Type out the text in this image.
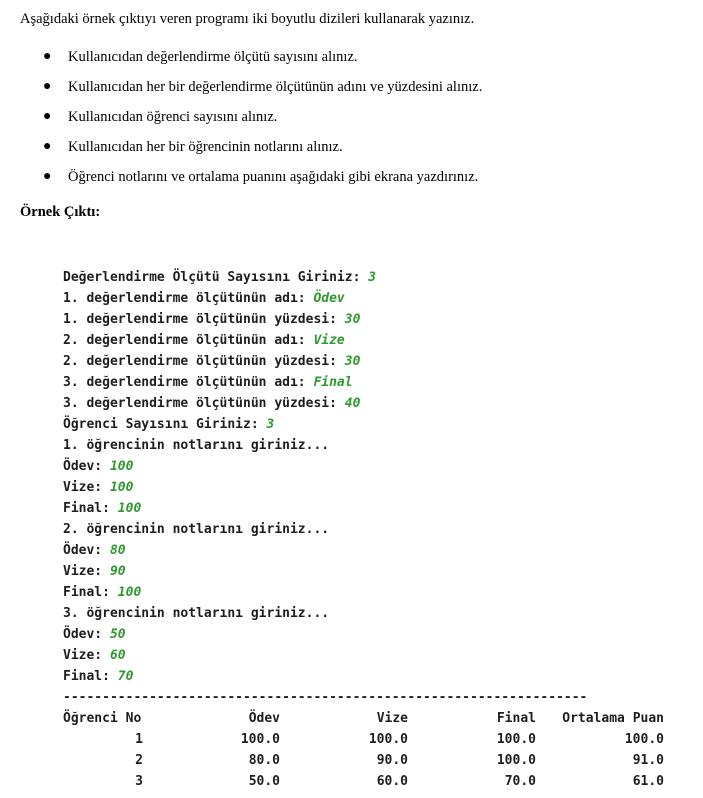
Aşağıdaki örnek çıktıyı veren programı iki boyutlu dizileri kullanarak yazınız.

● Kullanıcıdan değerlendirme ölçütü sayısını alınız.
● Kullanıcıdan her bir değerlendirme ölçütünün adını ve yüzdesini alınız.
● Kullanıcıdan öğrenci sayısını alınız.
● Kullanıcıdan her bir öğrencinin notlarını alınız.
● Öğrenci notlarını ve ortalama puanını aşağıdaki gibi ekrana yazdırınız.

Örnek Çıktı:

Değerlendirme Ölçütü Sayısını Giriniz: 3
1. değerlendirme ölçütünün adı: Ödev
1. değerlendirme ölçütünün yüzdesi: 30
2. değerlendirme ölçütünün adı: Vize
2. değerlendirme ölçütünün yüzdesi: 30
3. değerlendirme ölçütünün adı: Final
3. değerlendirme ölçütünün yüzdesi: 40
Öğrenci Sayısını Giriniz: 3
1. öğrencinin notlarını giriniz...
Ödev: 100
Vize: 100
Final: 100
2. öğrencinin notlarını giriniz...
Ödev: 80
Vize: 90
Final: 100
3. öğrencinin notlarını giriniz...
Ödev: 50
Vize: 60
Final: 70
-------------------------------------------------------------------
Öğrenci No	Ödev	Vize	Final	Ortalama Puan
1	100.0	100.0	100.0	100.0
2	80.0	90.0	100.0	91.0
3	50.0	60.0	70.0	61.0
